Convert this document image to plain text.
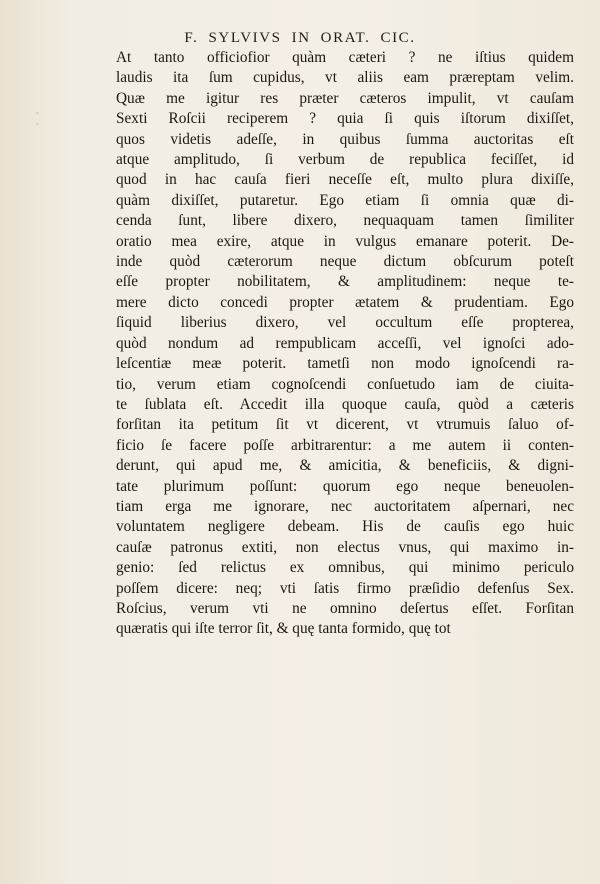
F. SYLVIVS IN ORAT. CIC.
ﾞ
ﾞ
At tanto officiofior quàm cæteri ? ne iſtius quidem
laudis ita ſum cupidus, vt aliis eam præreptam velim.
Quæ me igitur res præter cæteros impulit, vt cauſam
Sexti Roſcii reciperem ? quia ſi quis iſtorum dixiſſet,
quos videtis adeſſe, in quibus ſumma auctoritas eſt
atque amplitudo, ſi verbum de republica feciſſet, id
quod in hac cauſa fieri neceſſe eſt, multo plura dixiſſe,
quàm dixiſſet, putaretur. Ego etiam ſi omnia quæ di-
cenda ſunt, libere dixero, nequaquam tamen ſimiliter
oratio mea exire, atque in vulgus emanare poterit. De-
inde quòd cæterorum neque dictum obſcurum poteſt
eſſe propter nobilitatem, & amplitudinem: neque te-
mere dicto concedi propter ætatem & prudentiam. Ego
ſiquid liberius dixero, vel occultum eſſe propterea,
quòd nondum ad rempublicam acceſſi, vel ignoſci ado-
leſcentiæ meæ poterit. tametſi non modo ignoſcendi ra-
tio, verum etiam cognoſcendi conſuetudo iam de ciuita-
te ſublata eſt. Accedit illa quoque cauſa, quòd a cæteris
forſitan ita petitum ſit vt dicerent, vt vtrumuis ſaluo of-
ficio ſe facere poſſe arbitrarentur: a me autem ii conten-
derunt, qui apud me, & amicitia, & beneficiis, & digni-
tate plurimum poſſunt: quorum ego neque beneuolen-
tiam erga me ignorare, nec auctoritatem aſpernari, nec
voluntatem negligere debeam. His de cauſis ego huic
cauſæ patronus extiti, non electus vnus, qui maximo in-
genio: ſed relictus ex omnibus, qui minimo periculo
poſſem dicere: neq; vti ſatis firmo præſidio defenſus Sex.
Roſcius, verum vti ne omnino deſertus eſſet. Forſitan
quæratis qui iſte terror ſit, & quę tanta formido, quę tot
